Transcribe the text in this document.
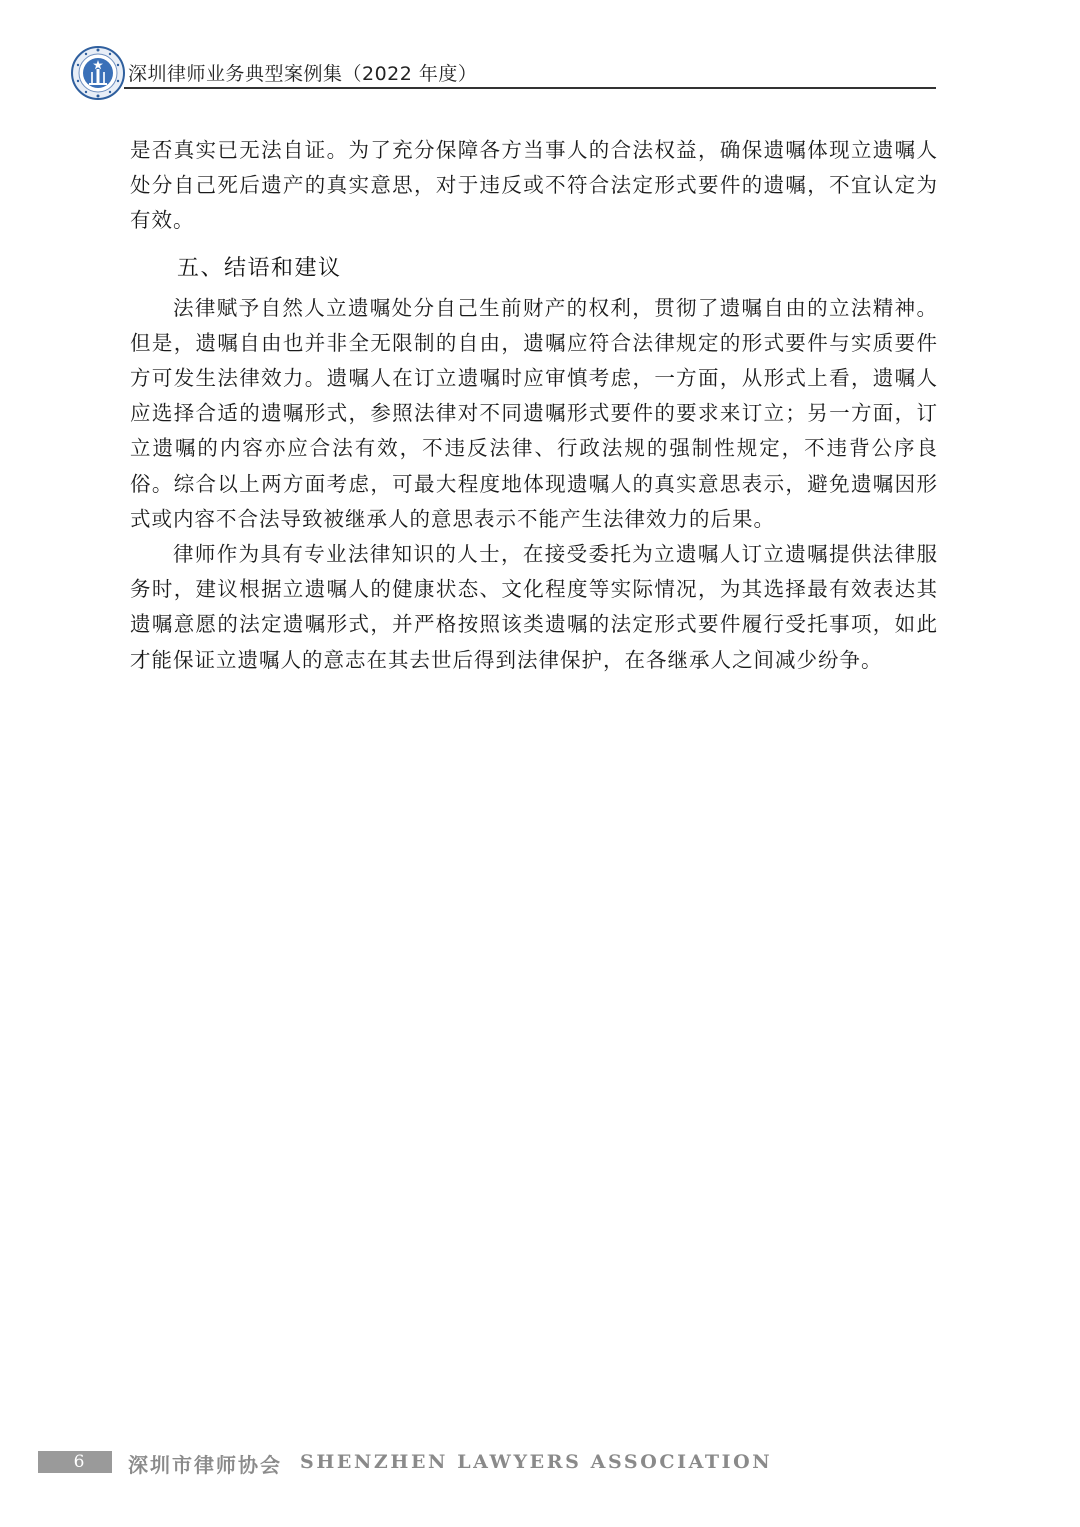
深圳律师业务典型案例集（2022 年度）

是否真实已无法自证。为了充分保障各方当事人的合法权益，确保遗嘱体现立遗嘱人处分自己死后遗产的真实意思，对于违反或不符合法定形式要件的遗嘱，不宜认定为有效。

五、结语和建议

法律赋予自然人立遗嘱处分自己生前财产的权利，贯彻了遗嘱自由的立法精神。但是，遗嘱自由也并非全无限制的自由，遗嘱应符合法律规定的形式要件与实质要件方可发生法律效力。遗嘱人在订立遗嘱时应审慎考虑，一方面，从形式上看，遗嘱人应选择合适的遗嘱形式，参照法律对不同遗嘱形式要件的要求来订立；另一方面，订立遗嘱的内容亦应合法有效，不违反法律、行政法规的强制性规定，不违背公序良俗。综合以上两方面考虑，可最大程度地体现遗嘱人的真实意思表示，避免遗嘱因形式或内容不合法导致被继承人的意思表示不能产生法律效力的后果。

律师作为具有专业法律知识的人士，在接受委托为立遗嘱人订立遗嘱提供法律服务时，建议根据立遗嘱人的健康状态、文化程度等实际情况，为其选择最有效表达其遗嘱意愿的法定遗嘱形式，并严格按照该类遗嘱的法定形式要件履行受托事项，如此才能保证立遗嘱人的意志在其去世后得到法律保护，在各继承人之间减少纷争。

6	深圳市律师协会 SHENZHEN LAWYERS ASSOCIATION
